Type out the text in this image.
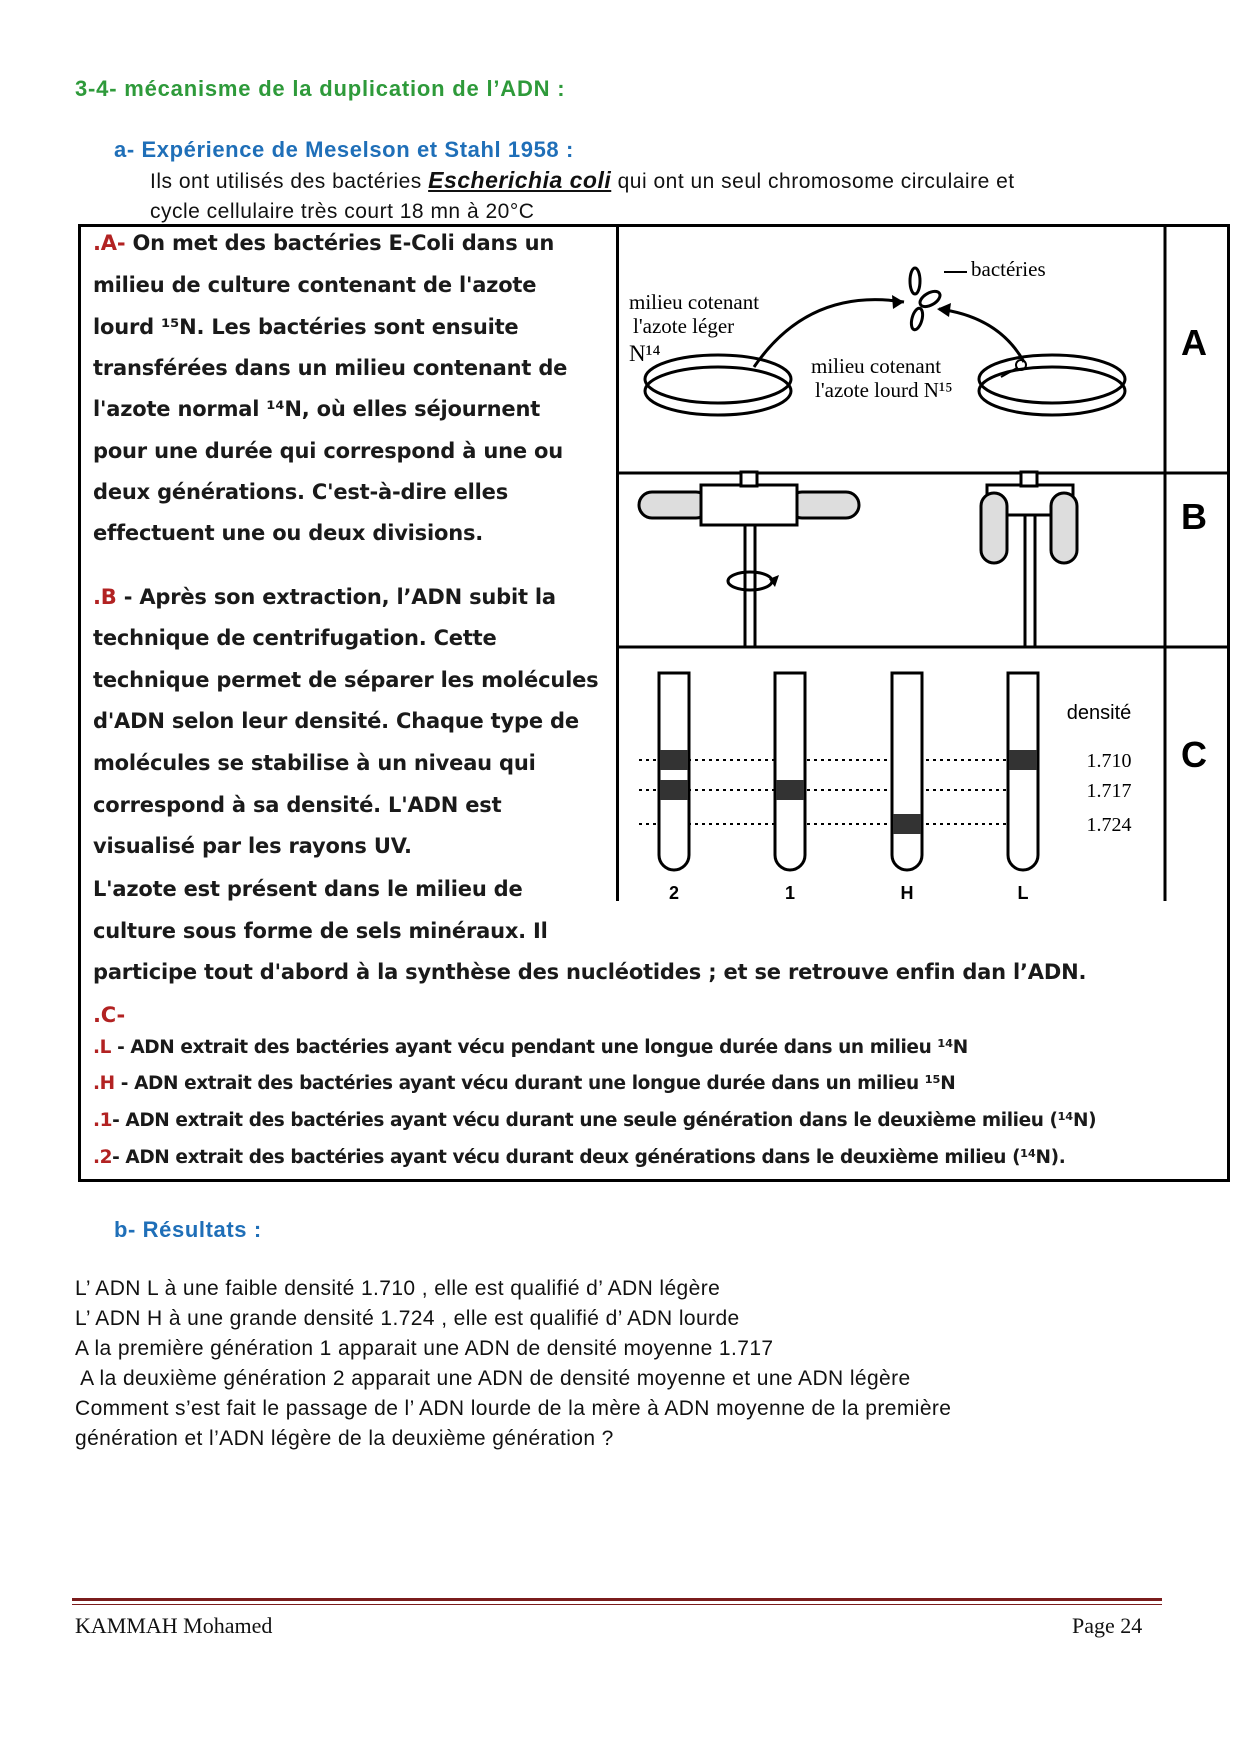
3-4- mécanisme de la duplication de l’ADN :
a- Expérience de Meselson et Stahl 1958 :
Ils ont utilisés des bactéries Escherichia coli qui ont un seul chromosome circulaire et
cycle cellulaire très court 18 mn à 20°C
.A- On met des bactéries E-Coli dans un
milieu de culture contenant de l'azote
lourd ¹⁵N. Les bactéries sont ensuite
transférées dans un milieu contenant de
l'azote normal ¹⁴N, où elles séjournent
pour une durée qui correspond à une ou
deux générations. C'est-à-dire elles
effectuent une ou deux divisions.
.B - Après son extraction, l’ADN subit la
technique de centrifugation. Cette
technique permet de séparer les molécules
d'ADN selon leur densité. Chaque type de
molécules se stabilise à un niveau qui
correspond à sa densité. L'ADN est
visualisé par les rayons UV.
L'azote est présent dans le milieu de
culture sous forme de sels minéraux. Il
participe tout d'abord à la synthèse des nucléotides ; et se retrouve enfin dan l’ADN.
.C-
.L - ADN extrait des bactéries ayant vécu pendant une longue durée dans un milieu ¹⁴N
.H - ADN extrait des bactéries ayant vécu durant une longue durée dans un milieu ¹⁵N
.1- ADN extrait des bactéries ayant vécu durant une seule génération dans le deuxième milieu (¹⁴N)
.2- ADN extrait des bactéries ayant vécu durant deux générations dans le deuxième milieu (¹⁴N).
bactéries
milieu cotenant
l'azote léger
N¹⁴	milieu cotenant
l'azote lourd N¹⁵
A
B
2	1	H	L
densité
1.710
1.717
1.724
C
b- Résultats :
L’ ADN L à une faible densité 1.710 , elle est qualifié d’ ADN légère
L’ ADN H à une grande densité 1.724 , elle est qualifié d’ ADN lourde
A la première génération 1 apparait une ADN de densité moyenne 1.717
A la deuxième génération 2 apparait une ADN de densité moyenne et une ADN légère
Comment s’est fait le passage de l’ ADN lourde de la mère à ADN moyenne de la première
génération et l’ADN légère de la deuxième génération ?
KAMMAH Mohamed	Page 24
